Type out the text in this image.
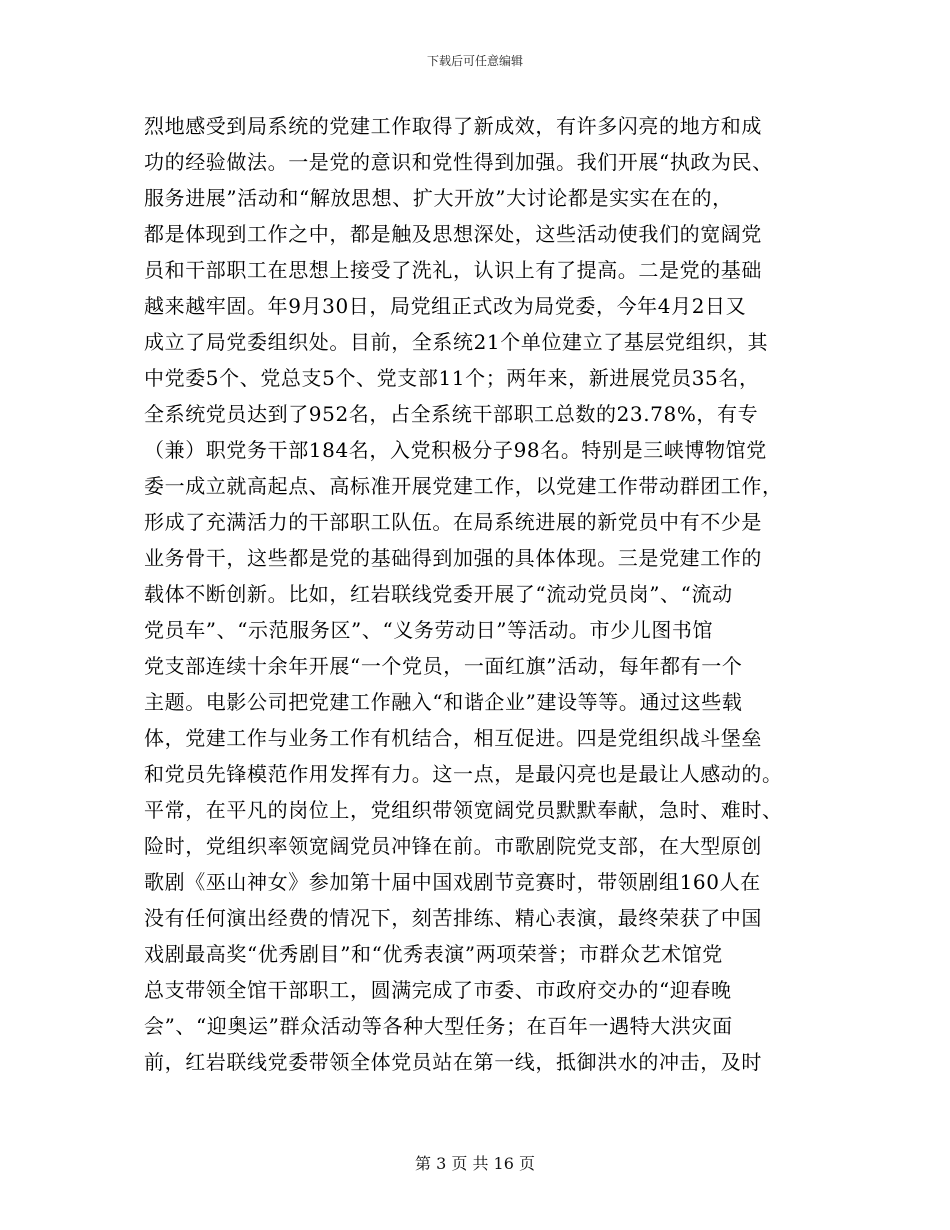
下载后可任意编辑
烈地感受到局系统的党建工作取得了新成效，有许多闪亮的地方和成
功的经验做法。一是党的意识和党性得到加强。我们开展“执政为民、
服务进展”活动和“解放思想、扩大开放”大讨论都是实实在在的，
都是体现到工作之中，都是触及思想深处，这些活动使我们的宽阔党
员和干部职工在思想上接受了洗礼，认识上有了提高。二是党的基础
越来越牢固。年9月30日，局党组正式改为局党委，今年4月2日又
成立了局党委组织处。目前，全系统21个单位建立了基层党组织，其
中党委5个、党总支5个、党支部11个；两年来，新进展党员35名，
全系统党员达到了952名，占全系统干部职工总数的23.78%，有专
（兼）职党务干部184名，入党积极分子98名。特别是三峡博物馆党
委一成立就高起点、高标准开展党建工作，以党建工作带动群团工作，
形成了充满活力的干部职工队伍。在局系统进展的新党员中有不少是
业务骨干，这些都是党的基础得到加强的具体体现。三是党建工作的
载体不断创新。比如，红岩联线党委开展了“流动党员岗”、“流动
党员车”、“示范服务区”、“义务劳动日”等活动。市少儿图书馆
党支部连续十余年开展“一个党员，一面红旗”活动，每年都有一个
主题。电影公司把党建工作融入“和谐企业”建设等等。通过这些载
体，党建工作与业务工作有机结合，相互促进。四是党组织战斗堡垒
和党员先锋模范作用发挥有力。这一点，是最闪亮也是最让人感动的。
平常，在平凡的岗位上，党组织带领宽阔党员默默奉献，急时、难时、
险时，党组织率领宽阔党员冲锋在前。市歌剧院党支部，在大型原创
歌剧《巫山神女》参加第十届中国戏剧节竞赛时，带领剧组160人在
没有任何演出经费的情况下，刻苦排练、精心表演，最终荣获了中国
戏剧最高奖“优秀剧目”和“优秀表演”两项荣誉；市群众艺术馆党
总支带领全馆干部职工，圆满完成了市委、市政府交办的“迎春晚
会”、“迎奥运”群众活动等各种大型任务；在百年一遇特大洪灾面
前，红岩联线党委带领全体党员站在第一线，抵御洪水的冲击，及时
第 3 页 共 16 页
